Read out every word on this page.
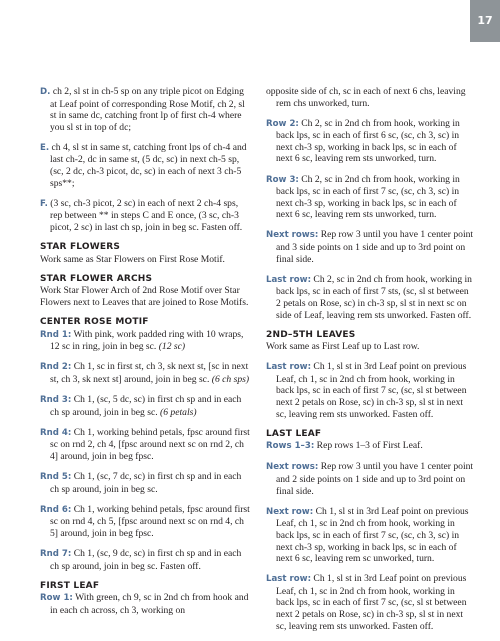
17

D. ch 2, sl st in ch-5 sp on any triple picot on Edging at Leaf point of corresponding Rose Motif, ch 2, sl st in same dc, catching front lp of first ch-4 where you sl st in top of dc;

E. ch 4, sl st in same st, catching front lps of ch-4 and last ch-2, dc in same st, (5 dc, sc) in next ch-5 sp, (sc, 2 dc, ch-3 picot, dc, sc) in each of next 3 ch-5 sps**;

F. (3 sc, ch-3 picot, 2 sc) in each of next 2 ch-4 sps, rep between ** in steps C and E once, (3 sc, ch-3 picot, 2 sc) in last ch sp, join in beg sc. Fasten off.

STAR FLOWERS

Work same as Star Flowers on First Rose Motif.

STAR FLOWER ARCHS

Work Star Flower Arch of 2nd Rose Motif over Star Flowers next to Leaves that are joined to Rose Motifs.

CENTER ROSE MOTIF

Rnd 1: With pink, work padded ring with 10 wraps, 12 sc in ring, join in beg sc. (12 sc)

Rnd 2: Ch 1, sc in first st, ch 3, sk next st, [sc in next st, ch 3, sk next st] around, join in beg sc. (6 ch sps)

Rnd 3: Ch 1, (sc, 5 dc, sc) in first ch sp and in each ch sp around, join in beg sc. (6 petals)

Rnd 4: Ch 1, working behind petals, fpsc around first sc on rnd 2, ch 4, [fpsc around next sc on rnd 2, ch 4] around, join in beg fpsc.

Rnd 5: Ch 1, (sc, 7 dc, sc) in first ch sp and in each ch sp around, join in beg sc.

Rnd 6: Ch 1, working behind petals, fpsc around first sc on rnd 4, ch 5, [fpsc around next sc on rnd 4, ch 5] around, join in beg fpsc.

Rnd 7: Ch 1, (sc, 9 dc, sc) in first ch sp and in each ch sp around, join in beg sc. Fasten off.

FIRST LEAF

Row 1: With green, ch 9, sc in 2nd ch from hook and in each ch across, ch 3, working on

opposite side of ch, sc in each of next 6 chs, leaving rem chs unworked, turn.

Row 2: Ch 2, sc in 2nd ch from hook, working in back lps, sc in each of first 6 sc, (sc, ch 3, sc) in next ch-3 sp, working in back lps, sc in each of next 6 sc, leaving rem sts unworked, turn.

Row 3: Ch 2, sc in 2nd ch from hook, working in back lps, sc in each of first 7 sc, (sc, ch 3, sc) in next ch-3 sp, working in back lps, sc in each of next 6 sc, leaving rem sts unworked, turn.

Next rows: Rep row 3 until you have 1 center point and 3 side points on 1 side and up to 3rd point on final side.

Last row: Ch 2, sc in 2nd ch from hook, working in back lps, sc in each of first 7 sts, (sc, sl st between 2 petals on Rose, sc) in ch-3 sp, sl st in next sc on side of Leaf, leaving rem sts unworked. Fasten off.

2ND–5TH LEAVES

Work same as First Leaf up to Last row.

Last row: Ch 1, sl st in 3rd Leaf point on previous Leaf, ch 1, sc in 2nd ch from hook, working in back lps, sc in each of first 7 sc, (sc, sl st between next 2 petals on Rose, sc) in ch-3 sp, sl st in next sc, leaving rem sts unworked. Fasten off.

LAST LEAF

Rows 1–3: Rep rows 1–3 of First Leaf.

Next rows: Rep row 3 until you have 1 center point and 2 side points on 1 side and up to 3rd point on final side.

Next row: Ch 1, sl st in 3rd Leaf point on previous Leaf, ch 1, sc in 2nd ch from hook, working in back lps, sc in each of first 7 sc, (sc, ch 3, sc) in next ch-3 sp, working in back lps, sc in each of next 6 sc, leaving rem sc unworked, turn.

Last row: Ch 1, sl st in 3rd Leaf point on previous Leaf, ch 1, sc in 2nd ch from hook, working in back lps, sc in each of first 7 sc, (sc, sl st between next 2 petals on Rose, sc) in ch-3 sp, sl st in next sc, leaving rem sts unworked. Fasten off.
